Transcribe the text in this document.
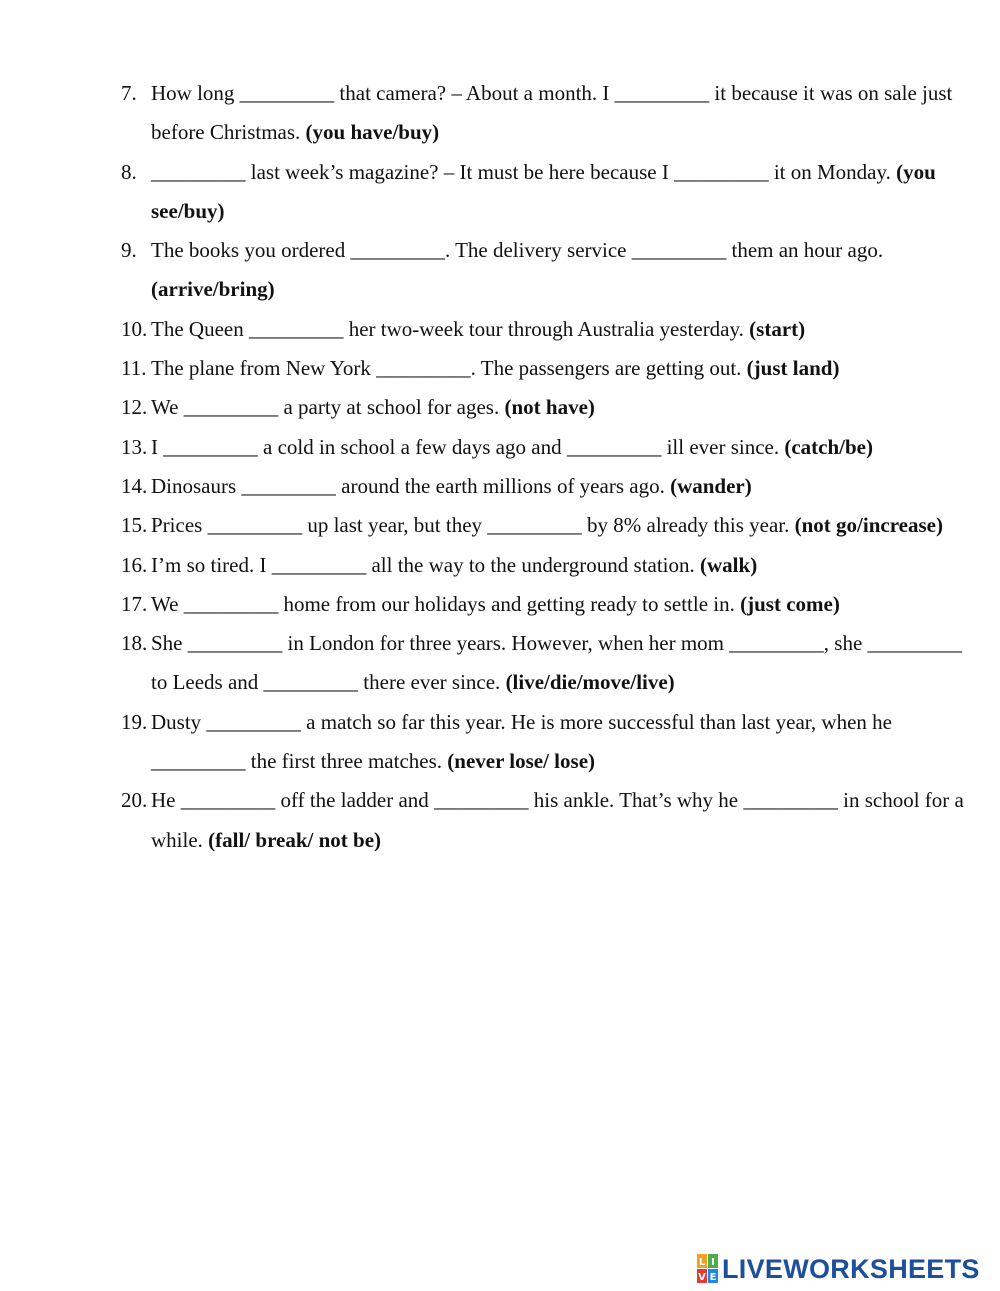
7. How long _________ that camera? – About a month. I _________ it because it was on sale just before Christmas. (you have/buy)
8. _________ last week’s magazine? – It must be here because I _________ it on Monday. (you see/buy)
9. The books you ordered _________. The delivery service _________ them an hour ago. (arrive/bring)
10. The Queen _________ her two-week tour through Australia yesterday. (start)
11. The plane from New York _________. The passengers are getting out. (just land)
12. We _________ a party at school for ages. (not have)
13. I _________ a cold in school a few days ago and _________ ill ever since. (catch/be)
14. Dinosaurs _________ around the earth millions of years ago. (wander)
15. Prices _________ up last year, but they _________ by 8% already this year. (not go/increase)
16. I’m so tired. I _________ all the way to the underground station. (walk)
17. We _________ home from our holidays and getting ready to settle in. (just come)
18. She _________ in London for three years. However, when her mom _________, she _________ to Leeds and _________ there ever since. (live/die/move/live)
19. Dusty _________ a match so far this year. He is more successful than last year, when he _________ the first three matches. (never lose/ lose)
20. He _________ off the ladder and _________ his ankle. That’s why he _________ in school for a while. (fall/ break/ not be)
L I
V E LIVEWORKSHEETS
